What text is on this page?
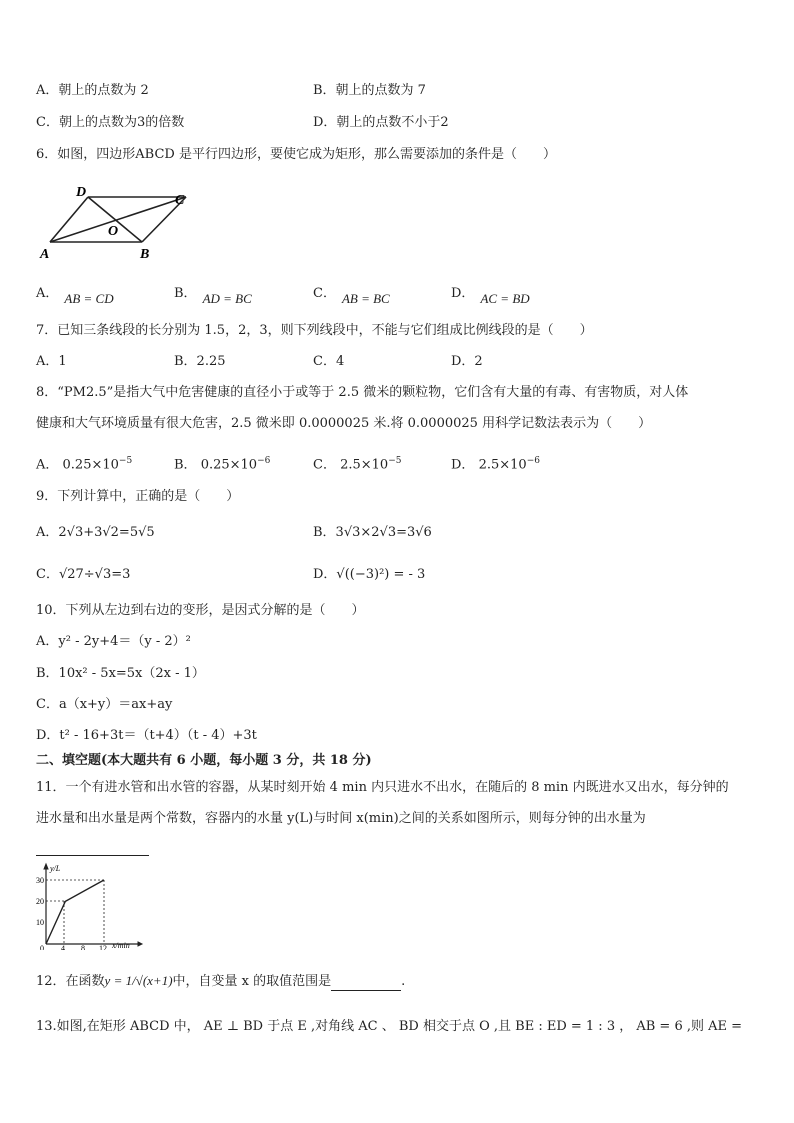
A．朝上的点数为 2	B．朝上的点数为 7
C．朝上的点数为3的倍数	D．朝上的点数不小于2
6．如图，四边形ABCD 是平行四边形，要使它成为矩形，那么需要添加的条件是（　　）
A	B
C
D
O
A． AB = CD	B． AD = BC	C． AB = BC	D． AC = BD
7．已知三条线段的长分别为 1.5，2，3，则下列线段中，不能与它们组成比例线段的是（　　）
A．1	B．2.25	C．4	D．2
8．“PM2.5”是指大气中危害健康的直径小于或等于 2.5 微米的颗粒物，它们含有大量的有毒、有害物质，对人体
健康和大气环境质量有很大危害，2.5 微米即 0.0000025 米.将 0.0000025 用科学记数法表示为（　　）
A． $0.25\times 10^{-5}$	B． $0.25\times 10^{-6}$	C． $2.5\times 10^{-5}$	D． $2.5\times 10^{-6}$
9．下列计算中，正确的是（　　）
A．2√3+3√2=5√5	B．3√3×2√3=3√6
C．√27÷√3=3	D．√((−3)²) = - 3
10．下列从左边到右边的变形，是因式分解的是（　　）
A．y² - 2y+4＝（y - 2）²
B．10x² - 5x=5x（2x - 1）
C．a（x+y）＝ax+ay
D．t² - 16+3t＝（t+4）（t - 4）+3t
二、填空题(本大题共有 6 小题，每小题 3 分，共 18 分)
11．一个有进水管和出水管的容器，从某时刻开始 4 min 内只进水不出水，在随后的 8 min 内既进水又出水，每分钟的
进水量和出水量是两个常数，容器内的水量 y(L)与时间 x(min)之间的关系如图所示，则每分钟的出水量为
y/L
x/min
0
10
20
30
4 8 12
12．在函数y = 1/√(x+1)中，自变量 x 的取值范围是	.
13.如图,在矩形 ABCD 中， AE ⊥ BD 于点 E ,对角线 AC 、 BD 相交于点 O ,且 BE : ED = 1 : 3 ， AB = 6 ,则 AE =
